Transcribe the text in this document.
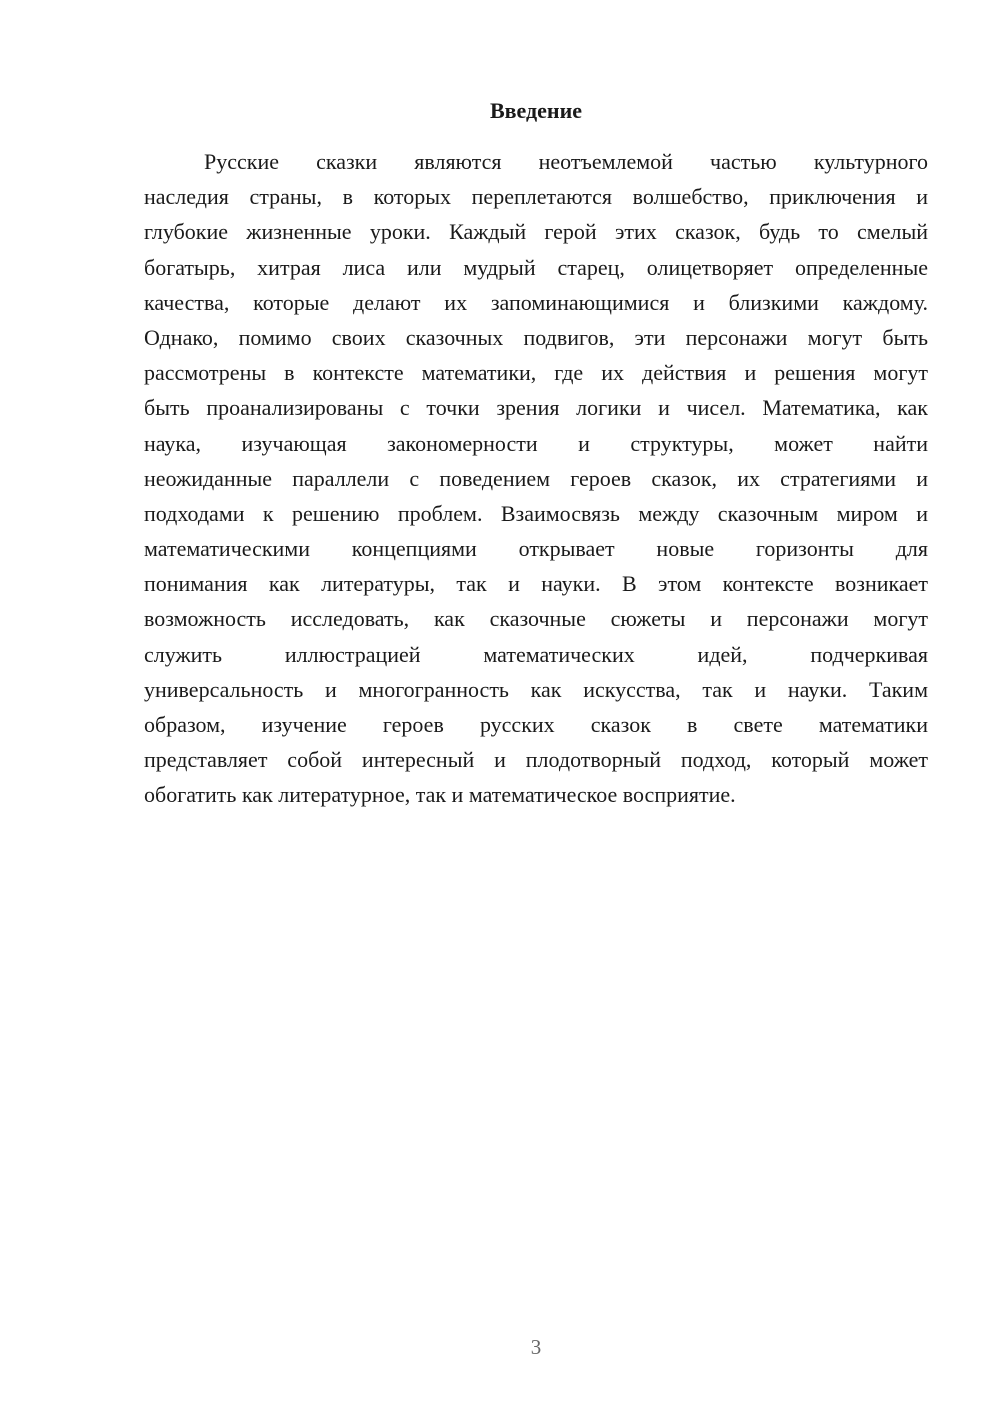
Введение
Русские сказки являются неотъемлемой частью культурного
наследия страны, в которых переплетаются волшебство, приключения и
глубокие жизненные уроки. Каждый герой этих сказок, будь то смелый
богатырь, хитрая лиса или мудрый старец, олицетворяет определенные
качества, которые делают их запоминающимися и близкими каждому.
Однако, помимо своих сказочных подвигов, эти персонажи могут быть
рассмотрены в контексте математики, где их действия и решения могут
быть проанализированы с точки зрения логики и чисел. Математика, как
наука, изучающая закономерности и структуры, может найти
неожиданные параллели с поведением героев сказок, их стратегиями и
подходами к решению проблем. Взаимосвязь между сказочным миром и
математическими концепциями открывает новые горизонты для
понимания как литературы, так и науки. В этом контексте возникает
возможность исследовать, как сказочные сюжеты и персонажи могут
служить иллюстрацией математических идей, подчеркивая
универсальность и многогранность как искусства, так и науки. Таким
образом, изучение героев русских сказок в свете математики
представляет собой интересный и плодотворный подход, который может
обогатить как литературное, так и математическое восприятие.
3
